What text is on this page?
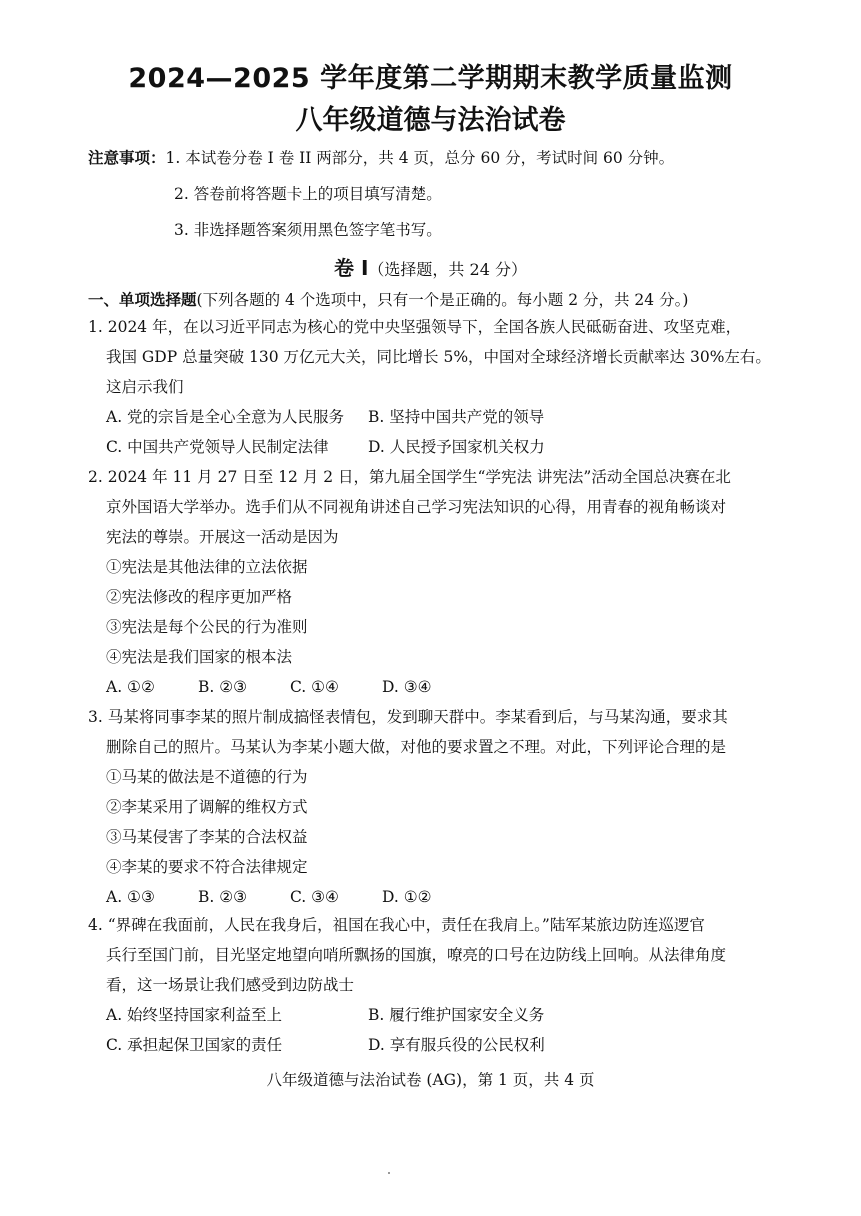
2024—2025 学年度第二学期期末教学质量监测
八年级道德与法治试卷
注意事项：1. 本试卷分卷 I 卷 II 两部分，共 4 页，总分 60 分，考试时间 60 分钟。
2. 答卷前将答题卡上的项目填写清楚。
3. 非选择题答案须用黑色签字笔书写。
卷 I（选择题，共 24 分）
一、单项选择题(下列各题的 4 个选项中，只有一个是正确的。每小题 2 分，共 24 分。)
1. 2024 年，在以习近平同志为核心的党中央坚强领导下，全国各族人民砥砺奋进、攻坚克难，
我国 GDP 总量突破 130 万亿元大关，同比增长 5%，中国对全球经济增长贡献率达 30%左右。
这启示我们
A. 党的宗旨是全心全意为人民服务	B. 坚持中国共产党的领导
C. 中国共产党领导人民制定法律	D. 人民授予国家机关权力
2. 2024 年 11 月 27 日至 12 月 2 日，第九届全国学生“学宪法 讲宪法”活动全国总决赛在北
京外国语大学举办。选手们从不同视角讲述自己学习宪法知识的心得，用青春的视角畅谈对
宪法的尊崇。开展这一活动是因为
①宪法是其他法律的立法依据
②宪法修改的程序更加严格
③宪法是每个公民的行为准则
④宪法是我们国家的根本法
A. ①②	B. ②③	C. ①④	D. ③④
3. 马某将同事李某的照片制成搞怪表情包，发到聊天群中。李某看到后，与马某沟通，要求其
删除自己的照片。马某认为李某小题大做，对他的要求置之不理。对此，下列评论合理的是
①马某的做法是不道德的行为
②李某采用了调解的维权方式
③马某侵害了李某的合法权益
④李某的要求不符合法律规定
A. ①③	B. ②③	C. ③④	D. ①②
4. “界碑在我面前，人民在我身后，祖国在我心中，责任在我肩上。”陆军某旅边防连巡逻官
兵行至国门前，目光坚定地望向哨所飘扬的国旗，嘹亮的口号在边防线上回响。从法律角度
看，这一场景让我们感受到边防战士
A. 始终坚持国家利益至上	B. 履行维护国家安全义务
C. 承担起保卫国家的责任	D. 享有服兵役的公民权利
八年级道德与法治试卷 (AG)，第 1 页，共 4 页
